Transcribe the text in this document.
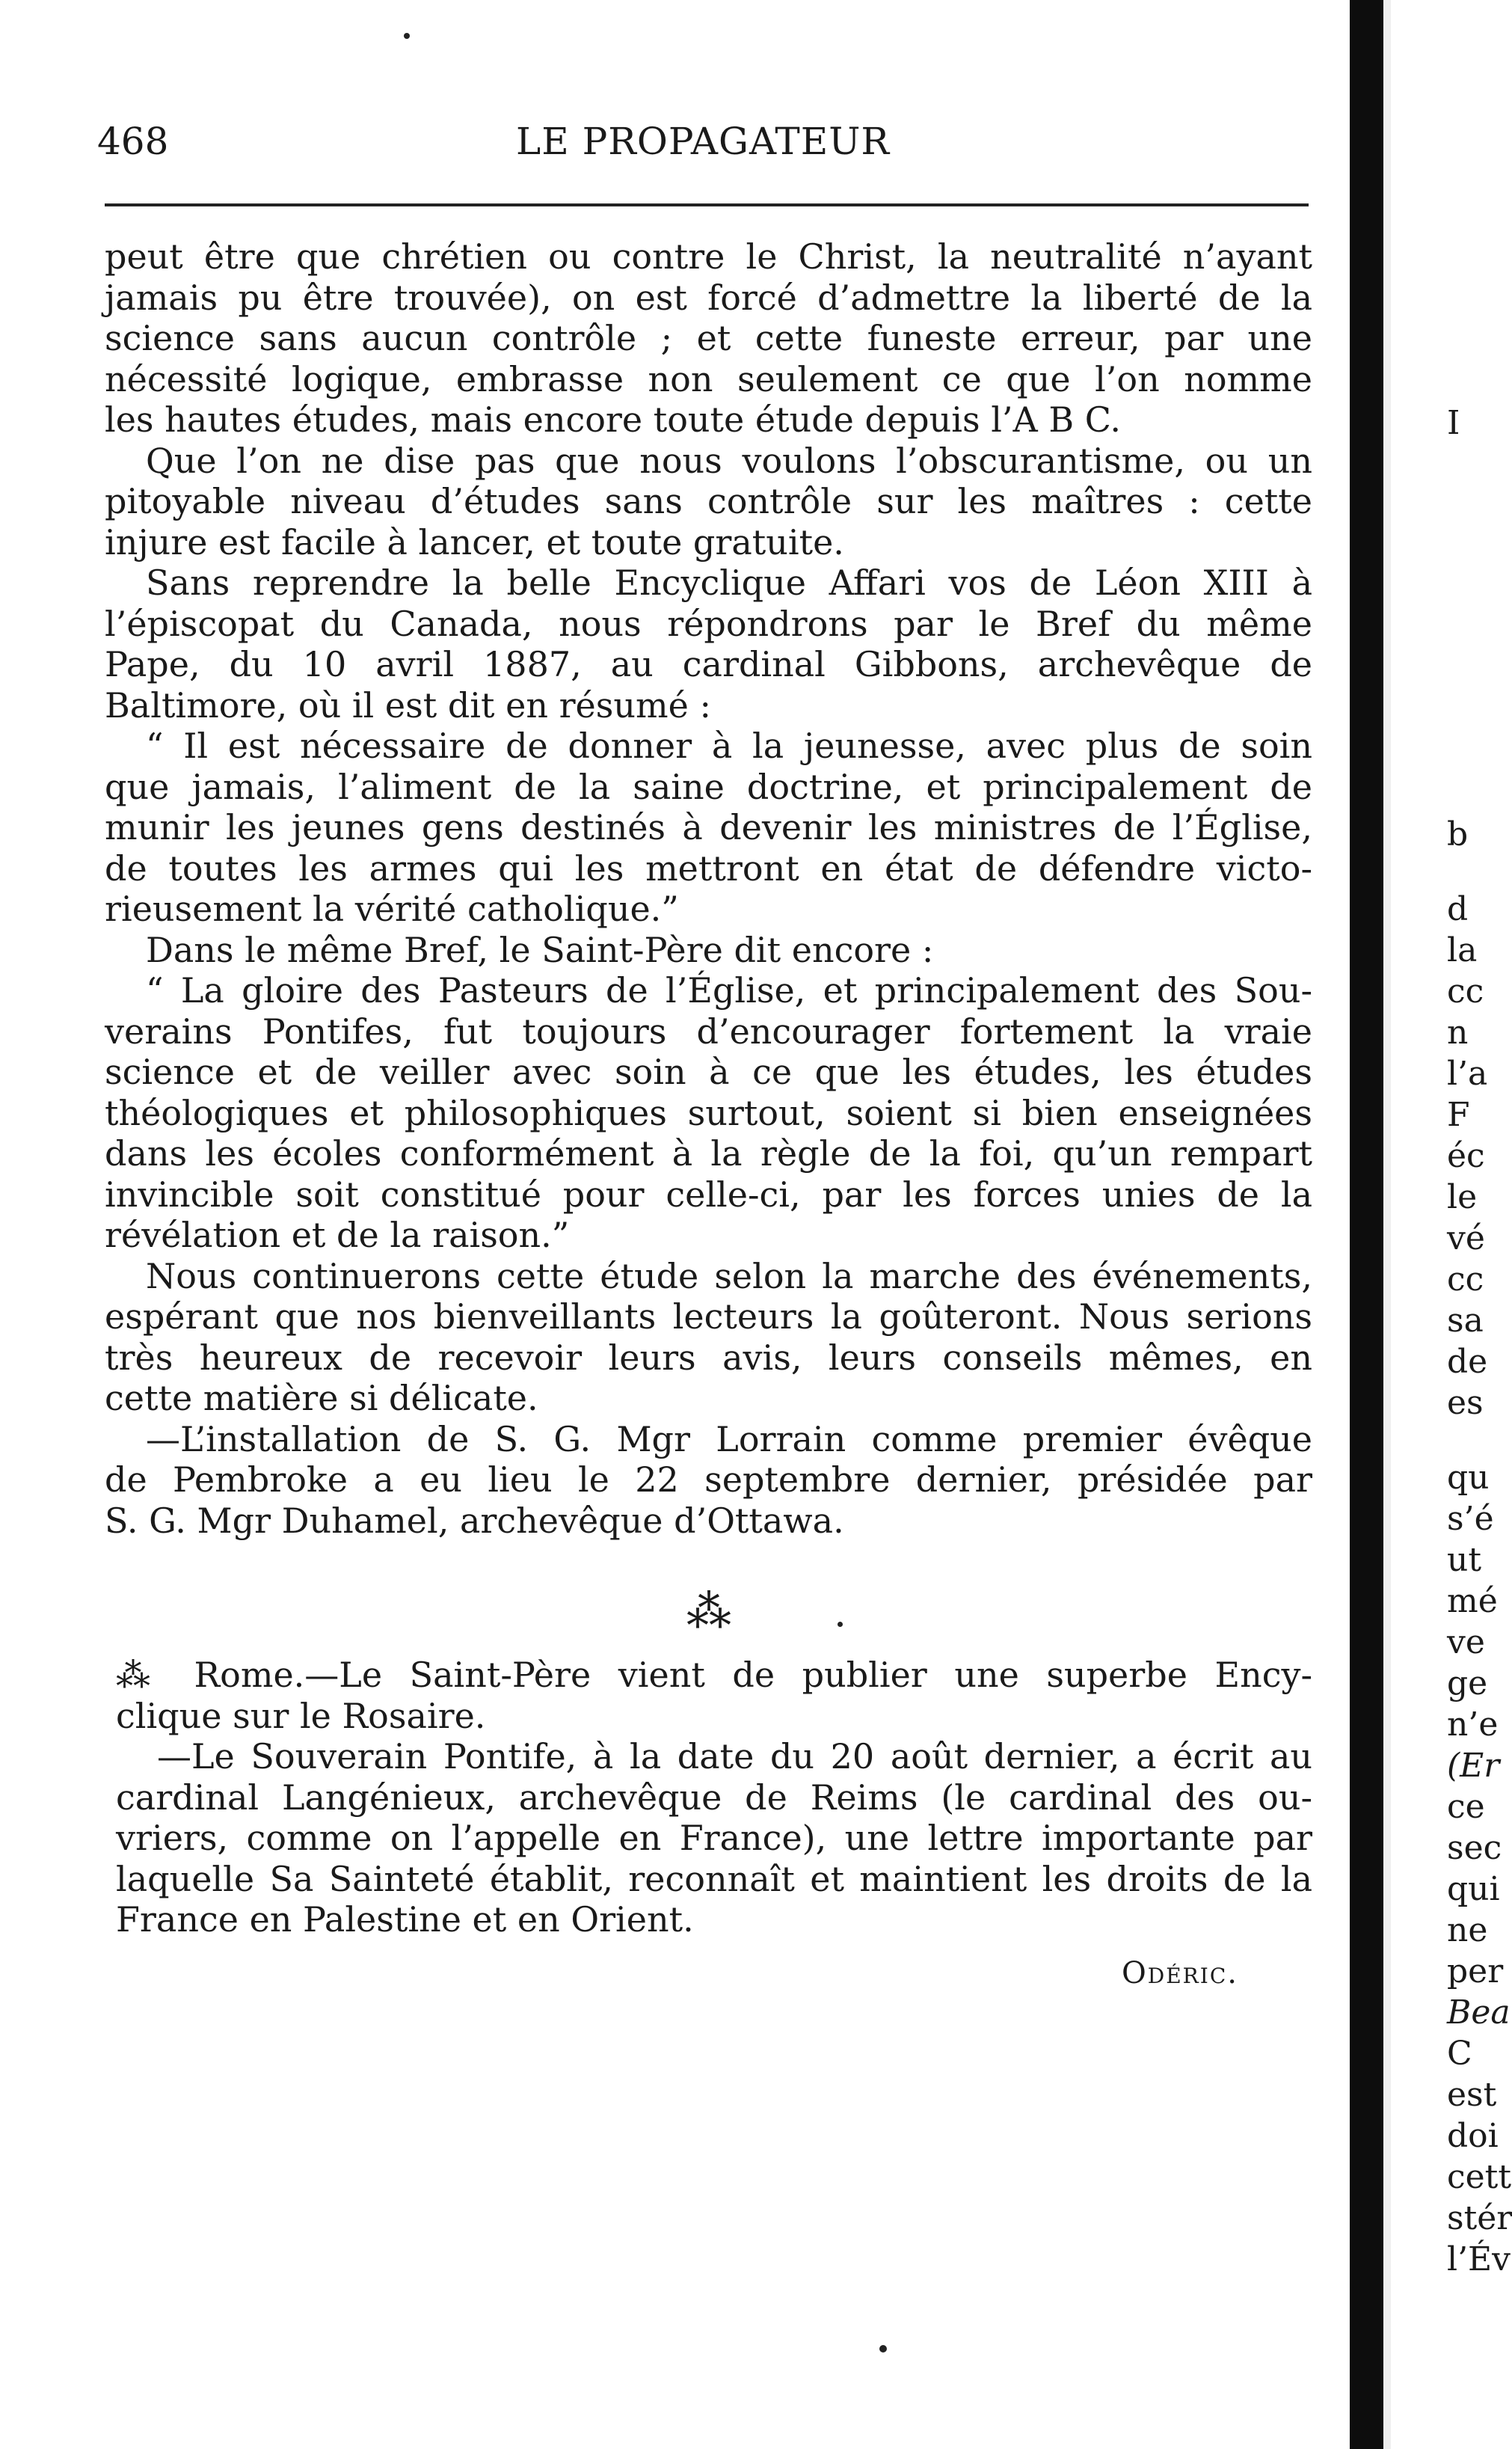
468	LE PROPAGATEUR
peut être que chrétien ou contre le Christ, la neutralité n’ayant
jamais pu être trouvée), on est forcé d’admettre la liberté de la
science sans aucun contrôle ; et cette funeste erreur, par une
nécessité logique, embrasse non seulement ce que l’on nomme
les hautes études, mais encore toute étude depuis l’A B C.
Que l’on ne dise pas que nous voulons l’obscurantisme, ou un
pitoyable niveau d’études sans contrôle sur les maîtres : cette
injure est facile à lancer, et toute gratuite.
Sans reprendre la belle Encyclique Affari vos de Léon XIII à
l’épiscopat du Canada, nous répondrons par le Bref du même
Pape, du 10 avril 1887, au cardinal Gibbons, archevêque de
Baltimore, où il est dit en résumé :
“ Il est nécessaire de donner à la jeunesse, avec plus de soin
que jamais, l’aliment de la saine doctrine, et principalement de
munir les jeunes gens destinés à devenir les ministres de l’Église,
de toutes les armes qui les mettront en état de défendre victo-
rieusement la vérité catholique.”
Dans le même Bref, le Saint-Père dit encore :
“ La gloire des Pasteurs de l’Église, et principalement des Sou-
verains Pontifes, fut toujours d’encourager fortement la vraie
science et de veiller avec soin à ce que les études, les études
théologiques et philosophiques surtout, soient si bien enseignées
dans les écoles conformément à la règle de la foi, qu’un rempart
invincible soit constitué pour celle-ci, par les forces unies de la
révélation et de la raison.”
Nous continuerons cette étude selon la marche des événements,
espérant que nos bienveillants lecteurs la goûteront. Nous serions
très heureux de recevoir leurs avis, leurs conseils mêmes, en
cette matière si délicate.
—L’installation de S. G. Mgr Lorrain comme premier évêque
de Pembroke a eu lieu le 22 septembre dernier, présidée par
S. G. Mgr Duhamel, archevêque d’Ottawa.
⁂
⁂ Rome.—Le Saint-Père vient de publier une superbe Ency-
clique sur le Rosaire.
—Le Souverain Pontife, à la date du 20 août dernier, a écrit au
cardinal Langénieux, archevêque de Reims (le cardinal des ou-
vriers, comme on l’appelle en France), une lettre importante par
laquelle Sa Sainteté établit, reconnaît et maintient les droits de la
France en Palestine et en Orient.
Odéric.
I
b
d
la
cc
n
l’a
F
éc
le
vé
cc
sa
de
es
qu
s’é
ut
mé
ve
ge
n’e
(Er
ce
sec
qui
ne
per
Bea
C
est
doi
cett
stér
l’Év
